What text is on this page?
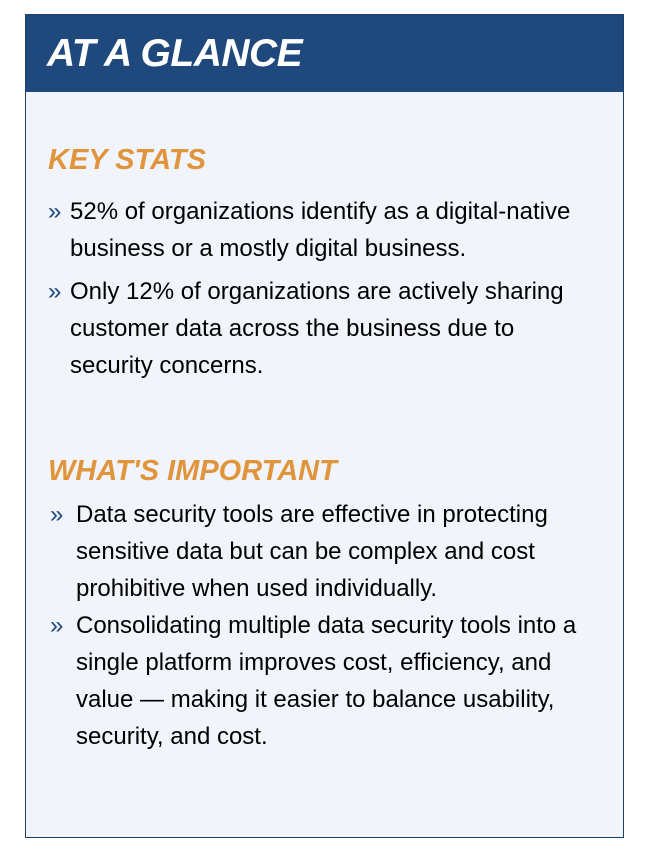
AT A GLANCE
KEY STATS
» 52% of organizations identify as a digital-native business or a mostly digital business.
» Only 12% of organizations are actively sharing customer data across the business due to security concerns.
WHAT'S IMPORTANT
» Data security tools are effective in protecting sensitive data but can be complex and cost prohibitive when used individually.
» Consolidating multiple data security tools into a single platform improves cost, efficiency, and value — making it easier to balance usability, security, and cost.
